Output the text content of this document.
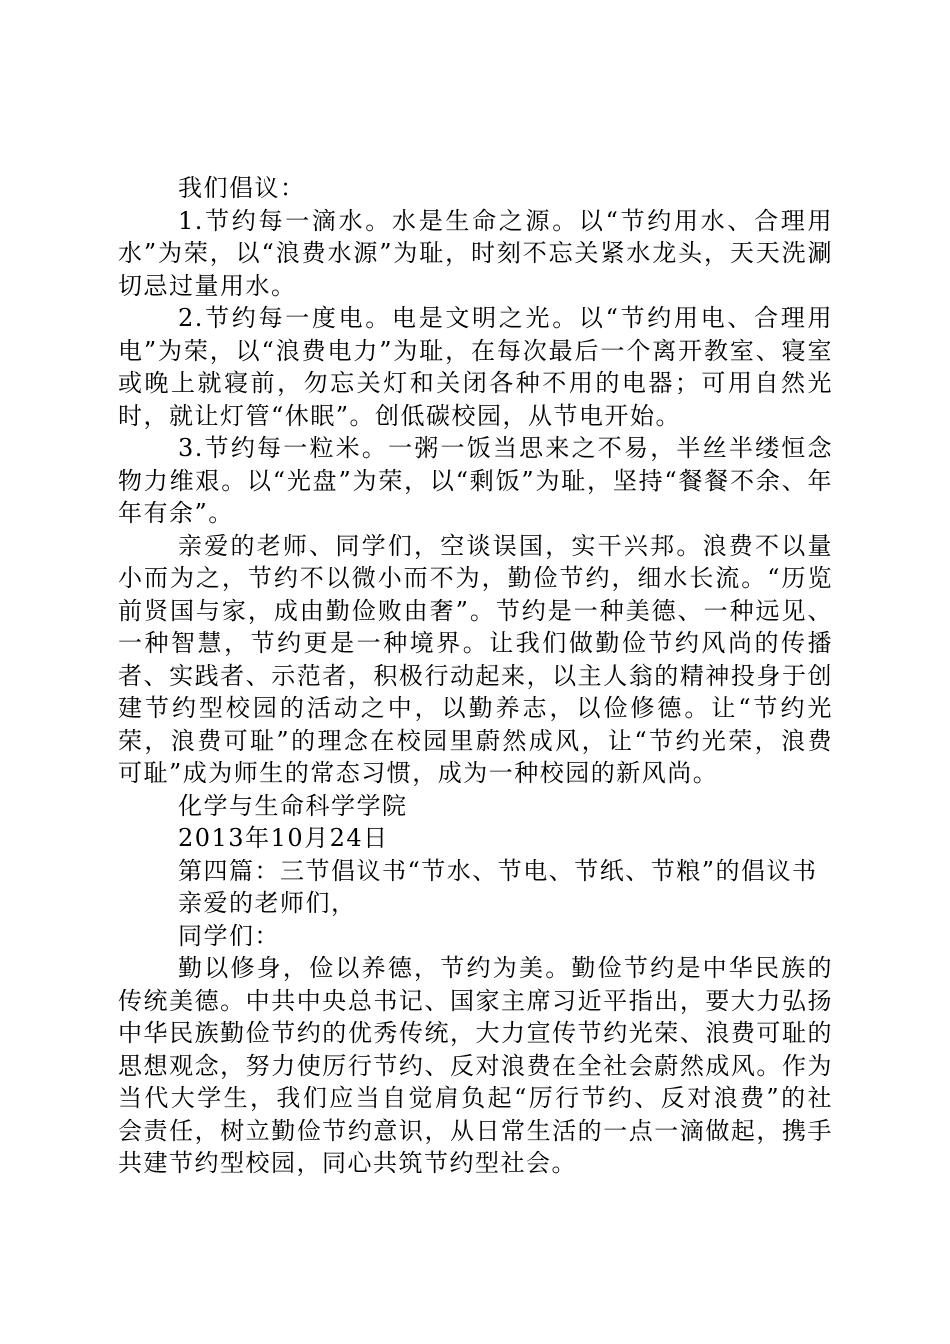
我们倡议：

1.节约每一滴水。水是生命之源。以“节约用水、合理用水”为荣，以“浪费水源”为耻，时刻不忘关紧水龙头，天天洗涮切忌过量用水。

2.节约每一度电。电是文明之光。以“节约用电、合理用电”为荣，以“浪费电力”为耻，在每次最后一个离开教室、寝室或晚上就寝前，勿忘关灯和关闭各种不用的电器；可用自然光时，就让灯管“休眠”。创低碳校园，从节电开始。

3.节约每一粒米。一粥一饭当思来之不易，半丝半缕恒念物力维艰。以“光盘”为荣，以“剩饭”为耻，坚持“餐餐不余、年年有余”。

亲爱的老师、同学们，空谈误国，实干兴邦。浪费不以量小而为之，节约不以微小而不为，勤俭节约，细水长流。“历览前贤国与家，成由勤俭败由奢”。节约是一种美德、一种远见、一种智慧，节约更是一种境界。让我们做勤俭节约风尚的传播者、实践者、示范者，积极行动起来，以主人翁的精神投身于创建节约型校园的活动之中，以勤养志，以俭修德。让“节约光荣，浪费可耻”的理念在校园里蔚然成风，让“节约光荣，浪费可耻”成为师生的常态习惯，成为一种校园的新风尚。

化学与生命科学学院

2013年10月24日

第四篇：三节倡议书“节水、节电、节纸、节粮”的倡议书

亲爱的老师们，

同学们：

勤以修身，俭以养德，节约为美。勤俭节约是中华民族的传统美德。中共中央总书记、国家主席习近平指出，要大力弘扬中华民族勤俭节约的优秀传统，大力宣传节约光荣、浪费可耻的思想观念，努力使厉行节约、反对浪费在全社会蔚然成风。作为当代大学生，我们应当自觉肩负起“厉行节约、反对浪费”的社会责任，树立勤俭节约意识，从日常生活的一点一滴做起，携手共建节约型校园，同心共筑节约型社会。
